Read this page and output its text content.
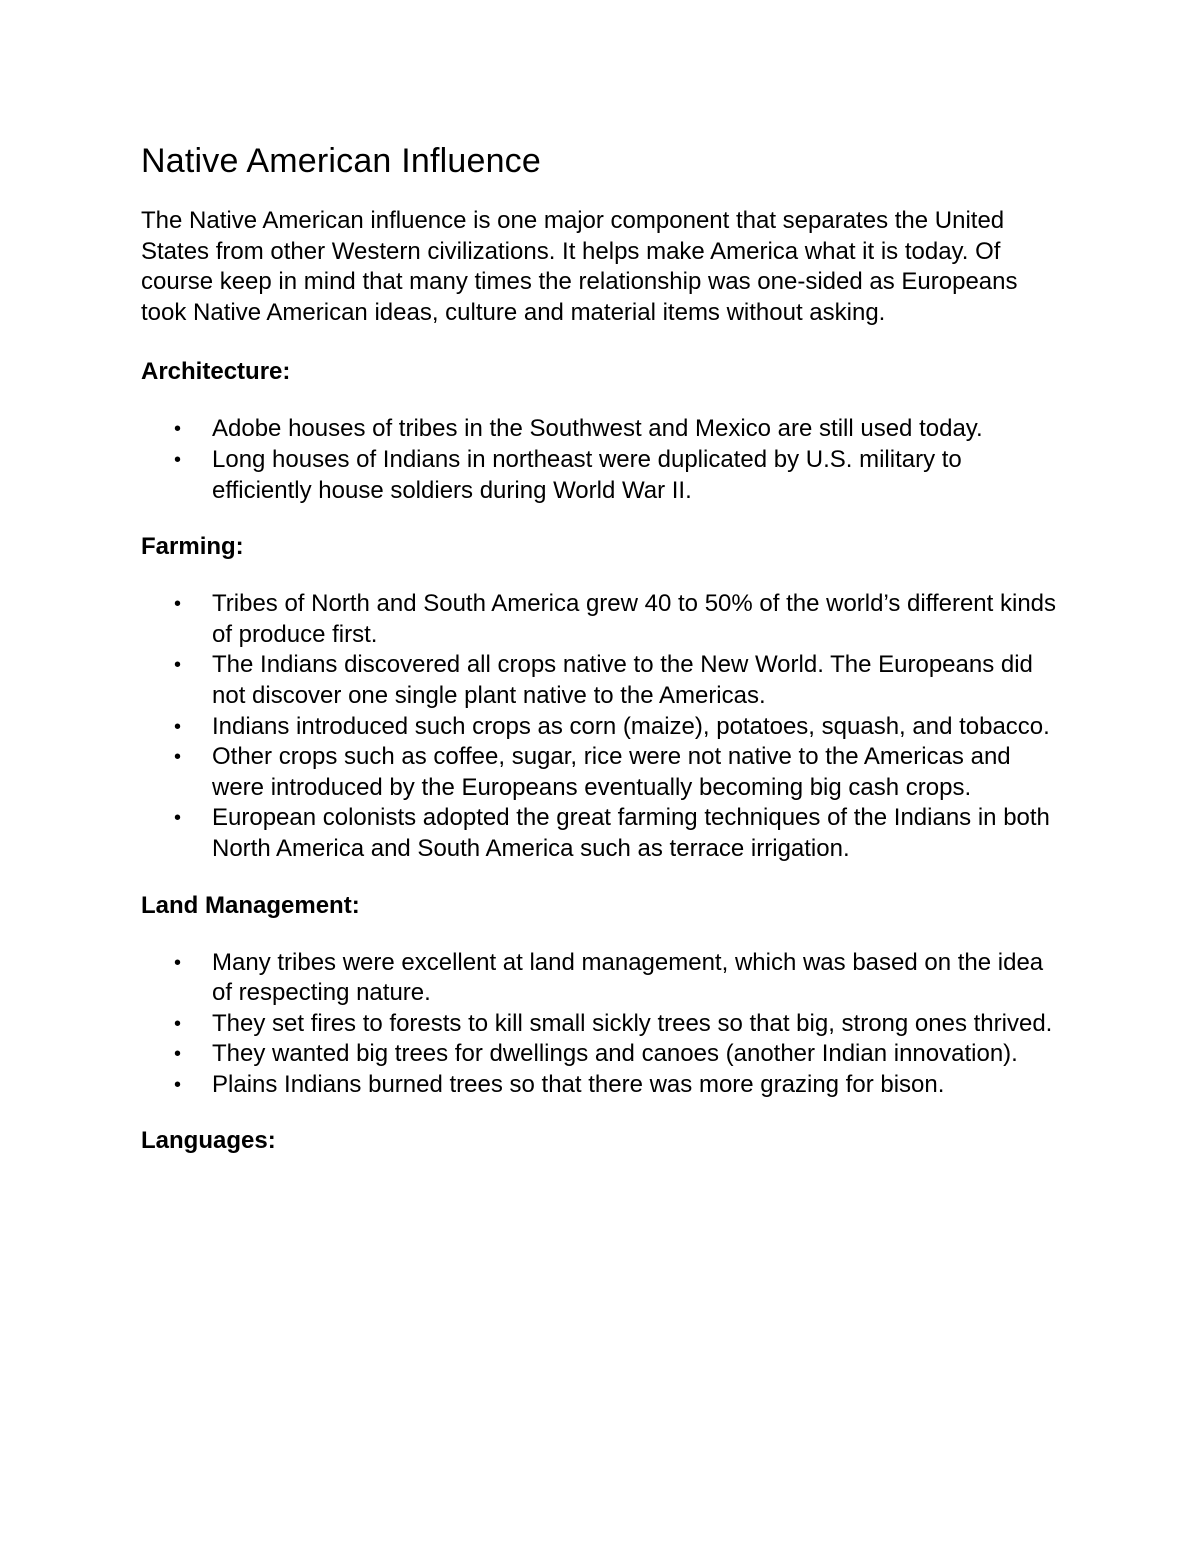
Native American Influence

The Native American influence is one major component that separates the United States from other Western civilizations. It helps make America what it is today. Of course keep in mind that many times the relationship was one-sided as Europeans took Native American ideas, culture and material items without asking.

Architecture:
• Adobe houses of tribes in the Southwest and Mexico are still used today.
• Long houses of Indians in northeast were duplicated by U.S. military to efficiently house soldiers during World War II.
Farming:
• Tribes of North and South America grew 40 to 50% of the world’s different kinds of produce first.
• The Indians discovered all crops native to the New World. The Europeans did not discover one single plant native to the Americas.
• Indians introduced such crops as corn (maize), potatoes, squash, and tobacco.
• Other crops such as coffee, sugar, rice were not native to the Americas and were introduced by the Europeans eventually becoming big cash crops.
• European colonists adopted the great farming techniques of the Indians in both North America and South America such as terrace irrigation.
Land Management:
• Many tribes were excellent at land management, which was based on the idea of respecting nature.
• They set fires to forests to kill small sickly trees so that big, strong ones thrived.
• They wanted big trees for dwellings and canoes (another Indian innovation).
• Plains Indians burned trees so that there was more grazing for bison.
Languages:
